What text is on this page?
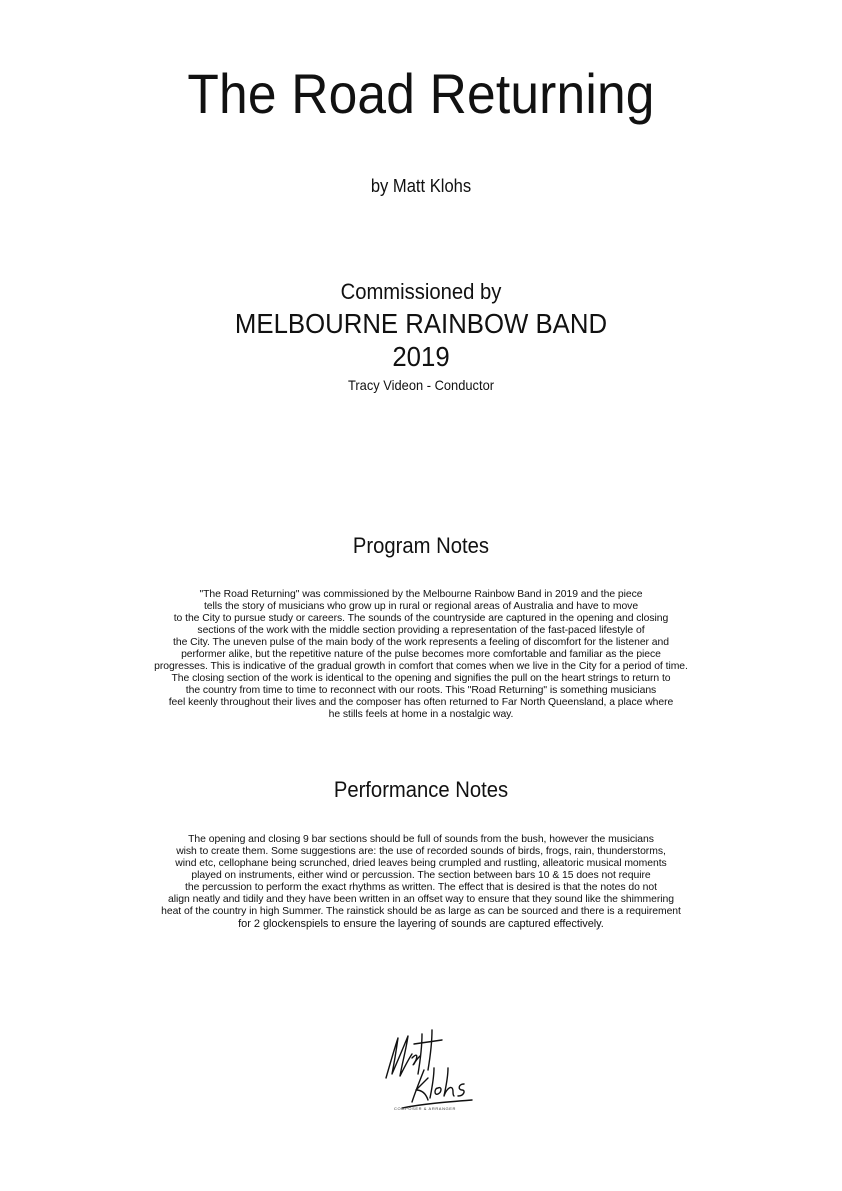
The Road Returning
by Matt Klohs
Commissioned by
MELBOURNE RAINBOW BAND
2019
Tracy Videon - Conductor
Program Notes
"The Road Returning" was commissioned by the Melbourne Rainbow Band in 2019 and the piece
tells the story of musicians who grow up in rural or regional areas of Australia and have to move
to the City to pursue study or careers. The sounds of the countryside are captured in the opening and closing
sections of the work with the middle section providing a representation of the fast-paced lifestyle of
the City. The uneven pulse of the main body of the work represents a feeling of discomfort for the listener and
performer alike, but the repetitive nature of the pulse becomes more comfortable and familiar as the piece
progresses. This is indicative of the gradual growth in comfort that comes when we live in the City for a period of time.
The closing section of the work is identical to the opening and signifies the pull on the heart strings to return to
the country from time to time to reconnect with our roots. This "Road Returning" is something musicians
feel keenly throughout their lives and the composer has often returned to Far North Queensland, a place where
he stills feels at home in a nostalgic way.
Performance Notes
The opening and closing 9 bar sections should be full of sounds from the bush, however the musicians
wish to create them. Some suggestions are: the use of recorded sounds of birds, frogs, rain, thunderstorms,
wind etc, cellophane being scrunched, dried leaves being crumpled and rustling, alleatoric musical moments
played on instruments, either wind or percussion. The section between bars 10 & 15 does not require
the percussion to perform the exact rhythms as written. The effect that is desired is that the notes do not
align neatly and tidily and they have been written in an offset way to ensure that they sound like the shimmering
heat of the country in high Summer. The rainstick should be as large as can be sourced and there is a requirement
for 2 glockenspiels to ensure the layering of sounds are captured effectively.
COMPOSER & ARRANGER
